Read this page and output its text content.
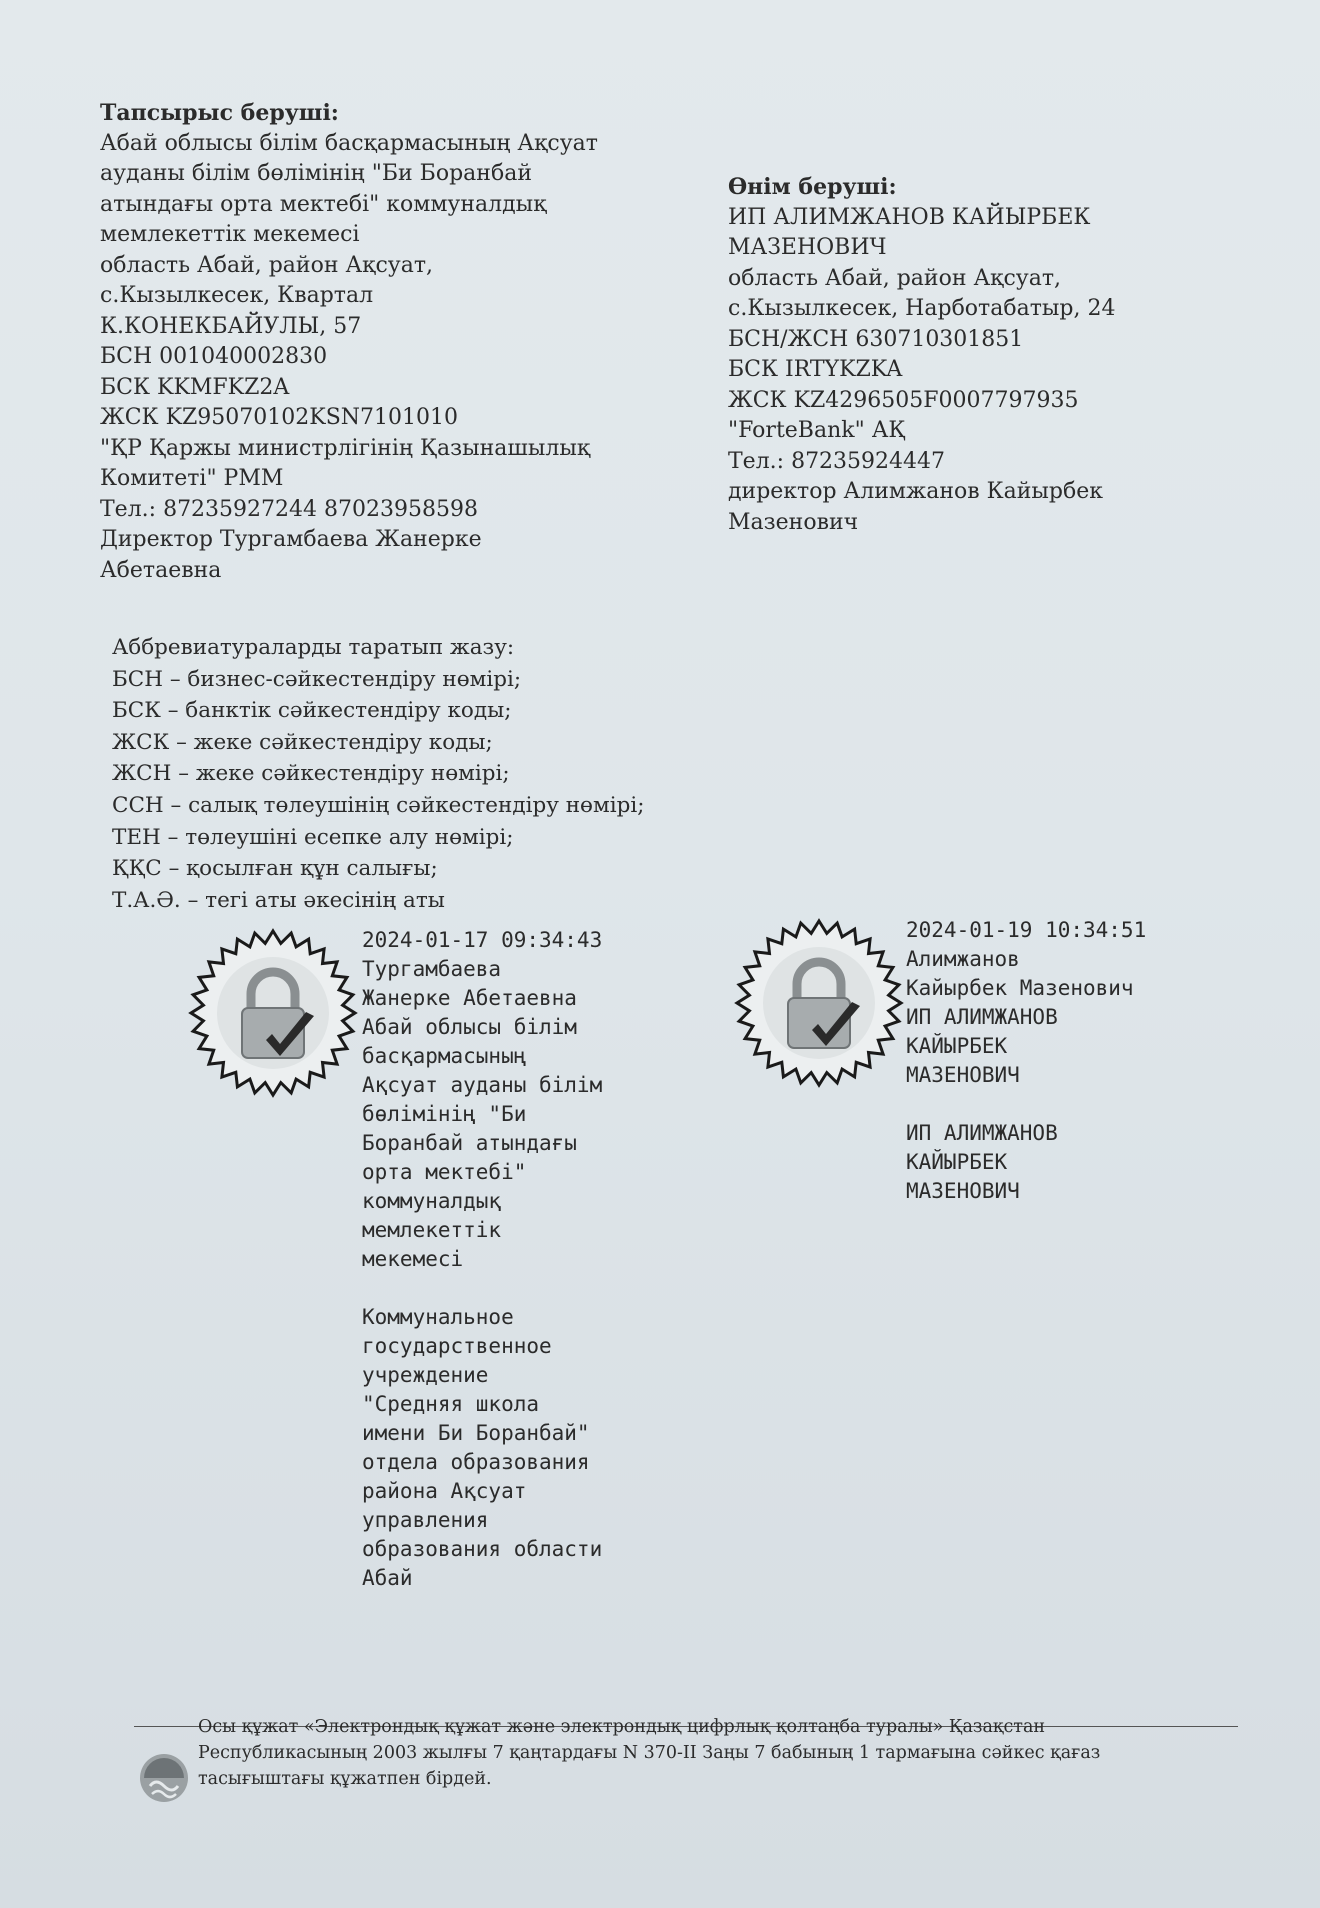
Тапсырыс беруші:
Абай облысы білім басқармасының Ақсуат
ауданы білім бөлімінің "Би Боранбай
атындағы орта мектебі" коммуналдық
мемлекеттік мекемесі
область Абай, район Ақсуат,
с.Кызылкесек, Квартал
К.КОНЕКБАЙУЛЫ, 57
БСН 001040002830
БСК KKMFKZ2A
ЖСК KZ95070102KSN7101010
"ҚР Қаржы министрлігінің Қазынашылық
Комитеті" РММ
Тел.: 87235927244 87023958598
Директор Тургамбаева Жанерке
Абетаевна
Өнім беруші:
ИП АЛИМЖАНОВ КАЙЫРБЕК
МАЗЕНОВИЧ
область Абай, район Ақсуат,
с.Кызылкесек, Нарботабатыр, 24
БСН/ЖСН 630710301851
БСК IRTYKZKA
ЖСК KZ4296505F0007797935
"ForteBank" АҚ
Тел.: 87235924447
директор Алимжанов Кайырбек
Мазенович
Аббревиатураларды таратып жазу:
БСН – бизнес-сәйкестендіру нөмірі;
БСК – банктік сәйкестендіру коды;
ЖСК – жеке сәйкестендіру коды;
ЖСН – жеке сәйкестендіру нөмірі;
ССН – салық төлеушінің сәйкестендіру нөмірі;
ТЕН – төлеушіні есепке алу нөмірі;
ҚҚС – қосылған құн салығы;
Т.А.Ә. – тегі аты әкесінің аты
2024-01-17 09:34:43
Тургамбаева
Жанерке Абетаевна
Абай облысы білім
басқармасының
Ақсуат ауданы білім
бөлімінің "Би
Боранбай атындағы
орта мектебі"
коммуналдық
мемлекеттік
мекемесі
Коммунальное
государственное
учреждение
"Средняя школа
имени Би Боранбай"
отдела образования
района Ақсуат
управления
образования области
Абай
2024-01-19 10:34:51
Алимжанов
Кайырбек Мазенович
ИП АЛИМЖАНОВ
КАЙЫРБЕК
МАЗЕНОВИЧ
ИП АЛИМЖАНОВ
КАЙЫРБЕК
МАЗЕНОВИЧ
Осы құжат «Электрондық құжат және электрондық цифрлық қолтаңба туралы» Қазақстан
Республикасының 2003 жылғы 7 қаңтардағы N 370-II Заңы 7 бабының 1 тармағына сәйкес қағаз
тасығыштағы құжатпен бірдей.
